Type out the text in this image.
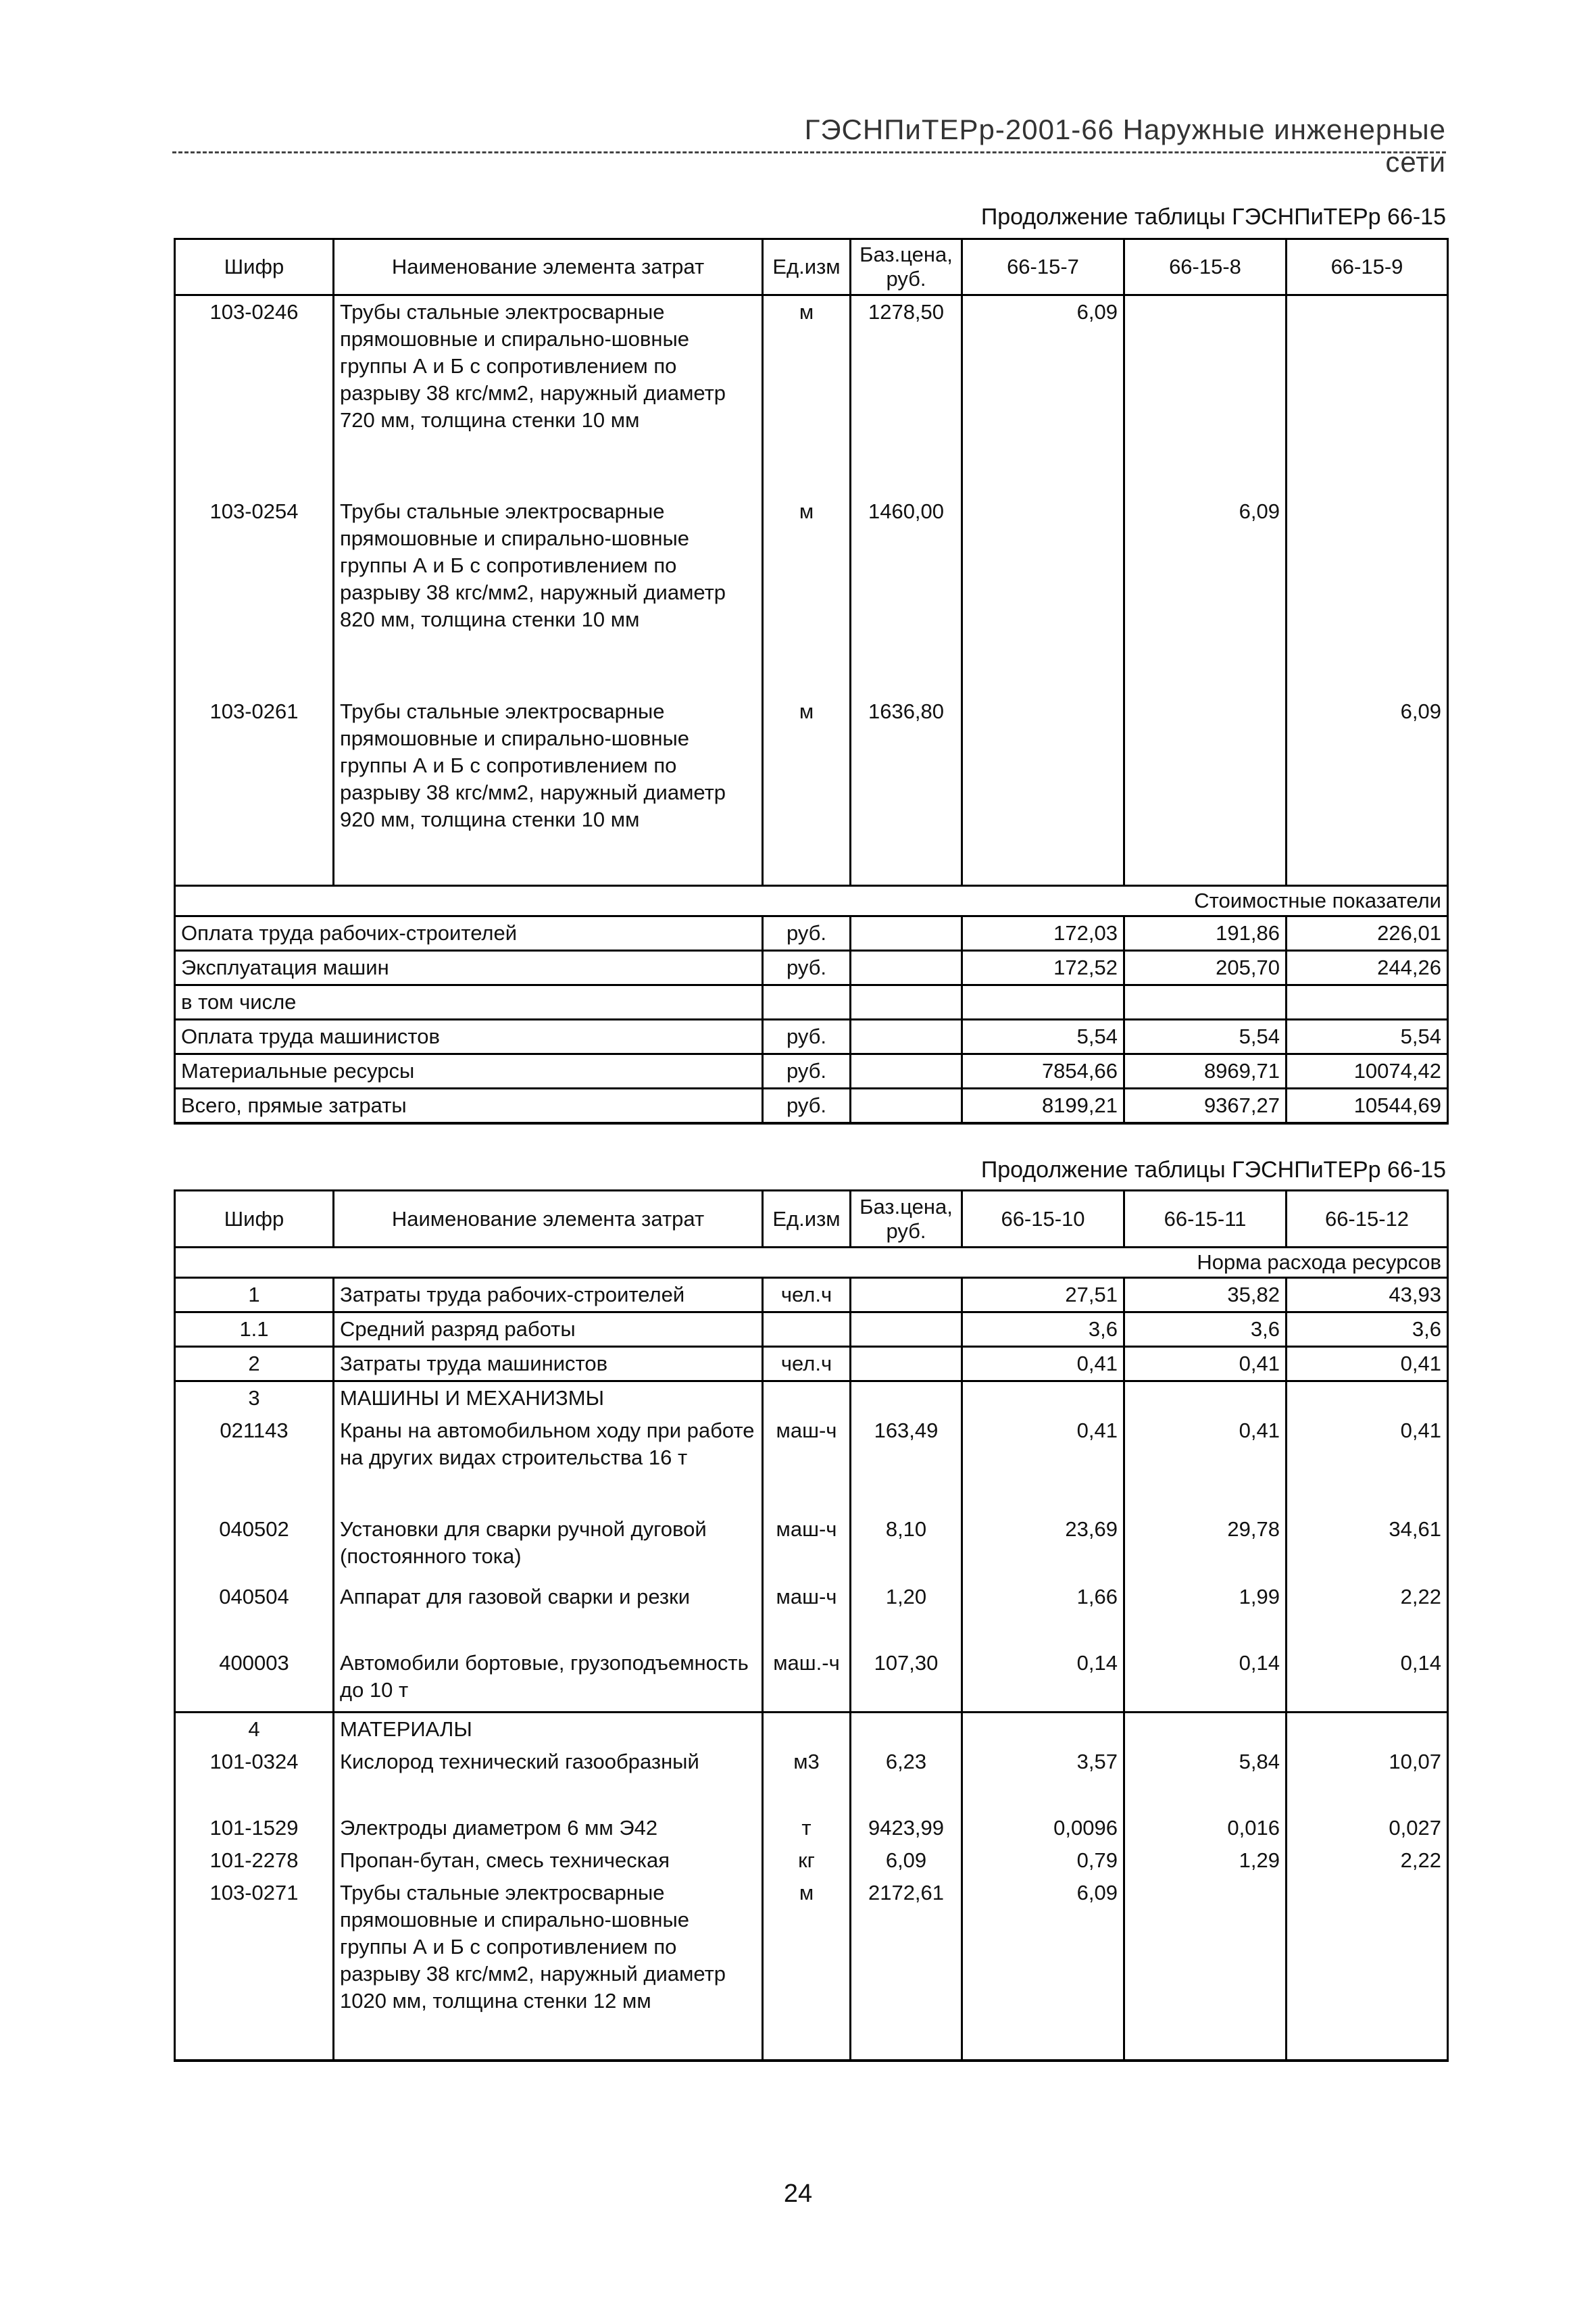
ГЭСНПиТЕРр-2001-66 Наружные инженерные сети
Продолжение таблицы ГЭСНПиТЕРр 66-15
Шифр	Наименование элемента затрат	Ед.изм	Баз.цена, руб.	66-15-7	66-15-8	66-15-9
103-0246	Трубы стальные электросварные прямошовные и спирально-шовные группы А и Б с сопротивлением по разрыву 38 кгс/мм2, наружный диаметр 720 мм, толщина стенки 10 мм	м	1278,50	6,09		
103-0254	Трубы стальные электросварные прямошовные и спирально-шовные группы А и Б с сопротивлением по разрыву 38 кгс/мм2, наружный диаметр 820 мм, толщина стенки 10 мм	м	1460,00		6,09	
103-0261	Трубы стальные электросварные прямошовные и спирально-шовные группы А и Б с сопротивлением по разрыву 38 кгс/мм2, наружный диаметр 920 мм, толщина стенки 10 мм	м	1636,80			6,09
Стоимостные показатели						
Оплата труда рабочих-строителей		руб.		172,03	191,86	226,01
Эксплуатация машин		руб.		172,52	205,70	244,26
в том числе						
Оплата труда машинистов		руб.		5,54	5,54	5,54
Материальные ресурсы		руб.		7854,66	8969,71	10074,42
Всего, прямые затраты		руб.		8199,21	9367,27	10544,69
Продолжение таблицы ГЭСНПиТЕРр 66-15
Шифр	Наименование элемента затрат	Ед.изм	Баз.цена, руб.	66-15-10	66-15-11	66-15-12
Норма расхода ресурсов						
1	Затраты труда рабочих-строителей	чел.ч		27,51	35,82	43,93
1.1	Средний разряд работы			3,6	3,6	3,6
2	Затраты труда машинистов	чел.ч		0,41	0,41	0,41
3	МАШИНЫ И МЕХАНИЗМЫ					
021143	Краны на автомобильном ходу при работе на других видах строительства 16 т	маш-ч	163,49	0,41	0,41	0,41
040502	Установки для сварки ручной дуговой (постоянного тока)	маш-ч	8,10	23,69	29,78	34,61
040504	Аппарат для газовой сварки и резки	маш-ч	1,20	1,66	1,99	2,22
400003	Автомобили бортовые, грузоподъемность до 10 т	маш.-ч	107,30	0,14	0,14	0,14
4	МАТЕРИАЛЫ					
101-0324	Кислород технический газообразный	м3	6,23	3,57	5,84	10,07
101-1529	Электроды диаметром 6 мм Э42	т	9423,99	0,0096	0,016	0,027
101-2278	Пропан-бутан, смесь техническая	кг	6,09	0,79	1,29	2,22
103-0271	Трубы стальные электросварные прямошовные и спирально-шовные группы А и Б с сопротивлением по разрыву 38 кгс/мм2, наружный диаметр 1020 мм, толщина стенки 12 мм	м	2172,61	6,09		
24
